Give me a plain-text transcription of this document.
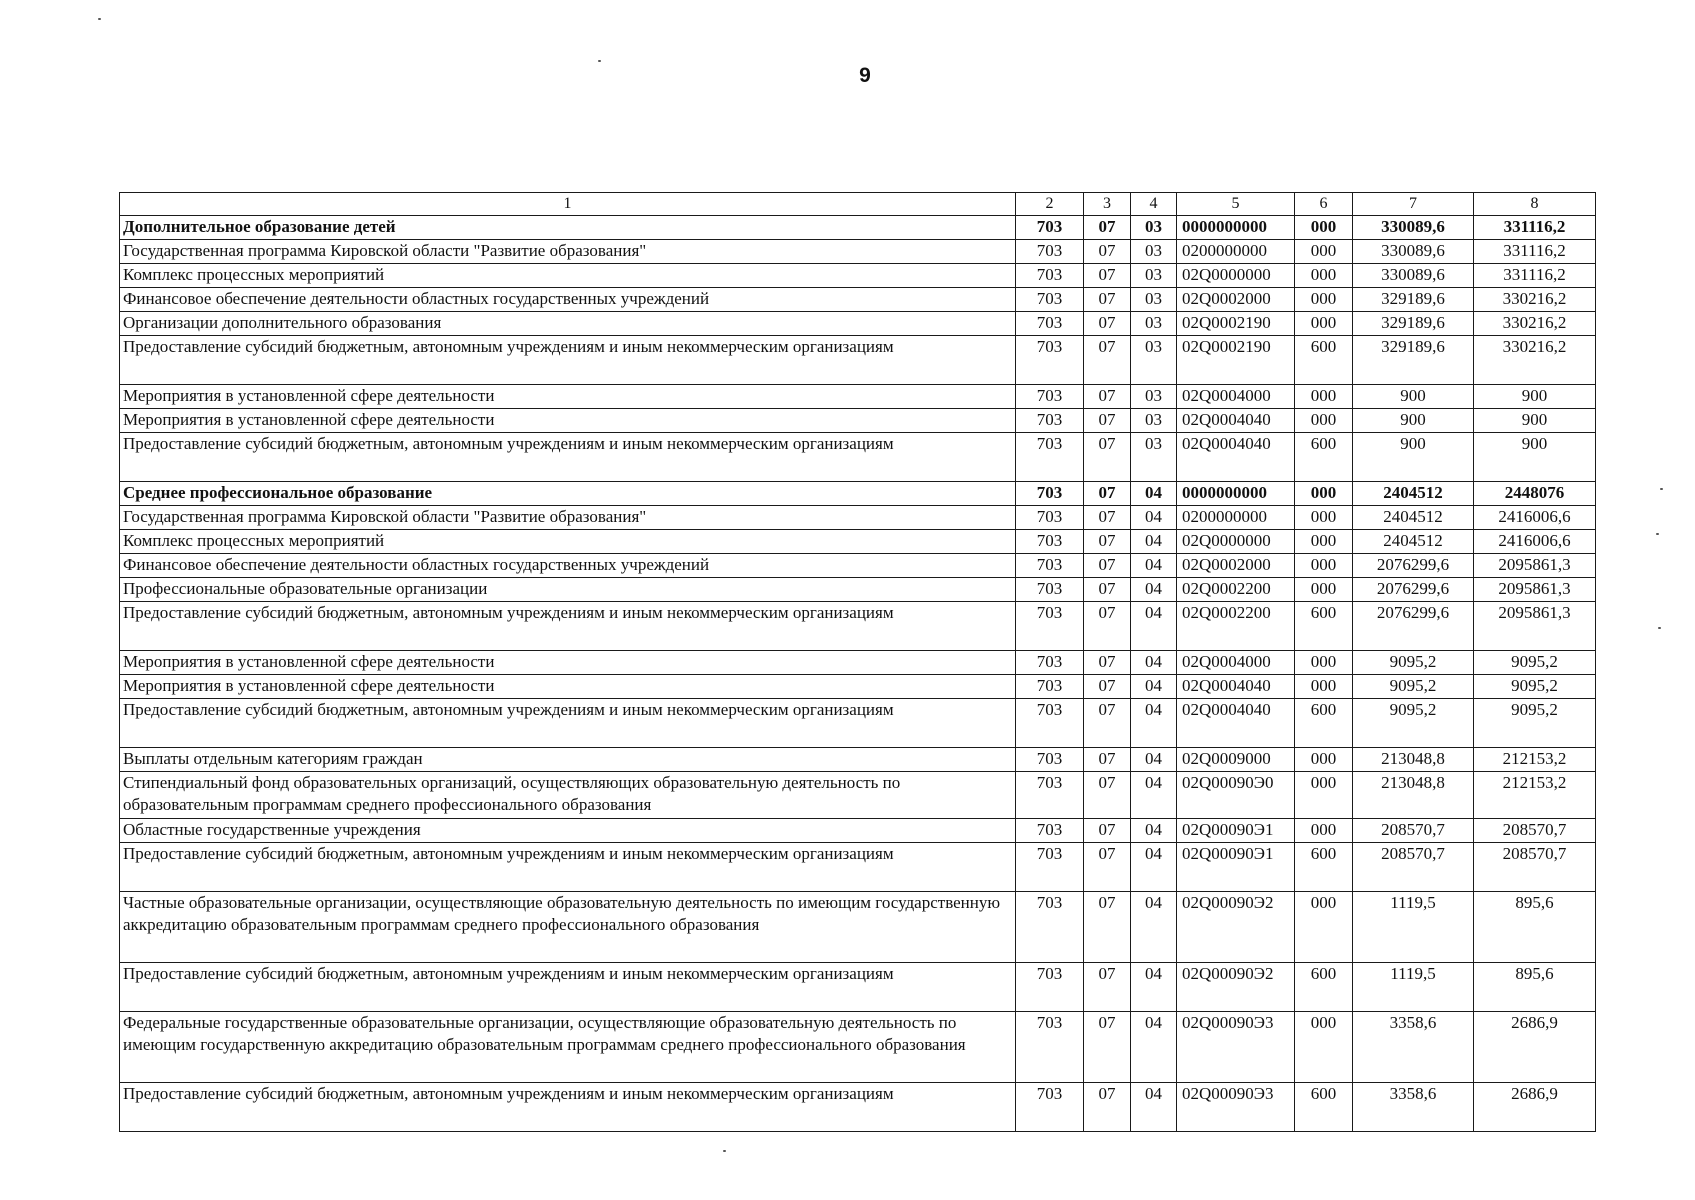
9
1	2	3	4	5	6	7	8
Дополнительное образование детей	703	07	03	0000000000	000	330089,6	331116,2
Государственная программа Кировской области "Развитие образования"	703	07	03	0200000000	000	330089,6	331116,2
Комплекс процессных мероприятий	703	07	03	02Q0000000	000	330089,6	331116,2
Финансовое обеспечение деятельности областных государственных учреждений	703	07	03	02Q0002000	000	329189,6	330216,2
Организации дополнительного образования	703	07	03	02Q0002190	000	329189,6	330216,2
Предоставление субсидий бюджетным, автономным учреждениям и иным некоммерческим организациям	703	07	03	02Q0002190	600	329189,6	330216,2
Мероприятия в установленной сфере деятельности	703	07	03	02Q0004000	000	900	900
Мероприятия в установленной сфере деятельности	703	07	03	02Q0004040	000	900	900
Предоставление субсидий бюджетным, автономным учреждениям и иным некоммерческим организациям	703	07	03	02Q0004040	600	900	900
Среднее профессиональное образование	703	07	04	0000000000	000	2404512	2448076
Государственная программа Кировской области "Развитие образования"	703	07	04	0200000000	000	2404512	2416006,6
Комплекс процессных мероприятий	703	07	04	02Q0000000	000	2404512	2416006,6
Финансовое обеспечение деятельности областных государственных учреждений	703	07	04	02Q0002000	000	2076299,6	2095861,3
Профессиональные образовательные организации	703	07	04	02Q0002200	000	2076299,6	2095861,3
Предоставление субсидий бюджетным, автономным учреждениям и иным некоммерческим организациям	703	07	04	02Q0002200	600	2076299,6	2095861,3
Мероприятия в установленной сфере деятельности	703	07	04	02Q0004000	000	9095,2	9095,2
Мероприятия в установленной сфере деятельности	703	07	04	02Q0004040	000	9095,2	9095,2
Предоставление субсидий бюджетным, автономным учреждениям и иным некоммерческим организациям	703	07	04	02Q0004040	600	9095,2	9095,2
Выплаты отдельным категориям граждан	703	07	04	02Q0009000	000	213048,8	212153,2
Стипендиальный фонд образовательных организаций, осуществляющих образовательную деятельность по образовательным программам среднего профессионального образования	703	07	04	02Q00090Э0	000	213048,8	212153,2
Областные государственные учреждения	703	07	04	02Q00090Э1	000	208570,7	208570,7
Предоставление субсидий бюджетным, автономным учреждениям и иным некоммерческим организациям	703	07	04	02Q00090Э1	600	208570,7	208570,7
Частные образовательные организации, осуществляющие образовательную деятельность по имеющим государственную аккредитацию образовательным программам среднего профессионального образования	703	07	04	02Q00090Э2	000	1119,5	895,6
Предоставление субсидий бюджетным, автономным учреждениям и иным некоммерческим организациям	703	07	04	02Q00090Э2	600	1119,5	895,6
Федеральные государственные образовательные организации, осуществляющие образовательную деятельность по имеющим государственную аккредитацию образовательным программам среднего профессионального образования	703	07	04	02Q00090Э3	000	3358,6	2686,9
Предоставление субсидий бюджетным, автономным учреждениям и иным некоммерческим организациям	703	07	04	02Q00090Э3	600	3358,6	2686,9
